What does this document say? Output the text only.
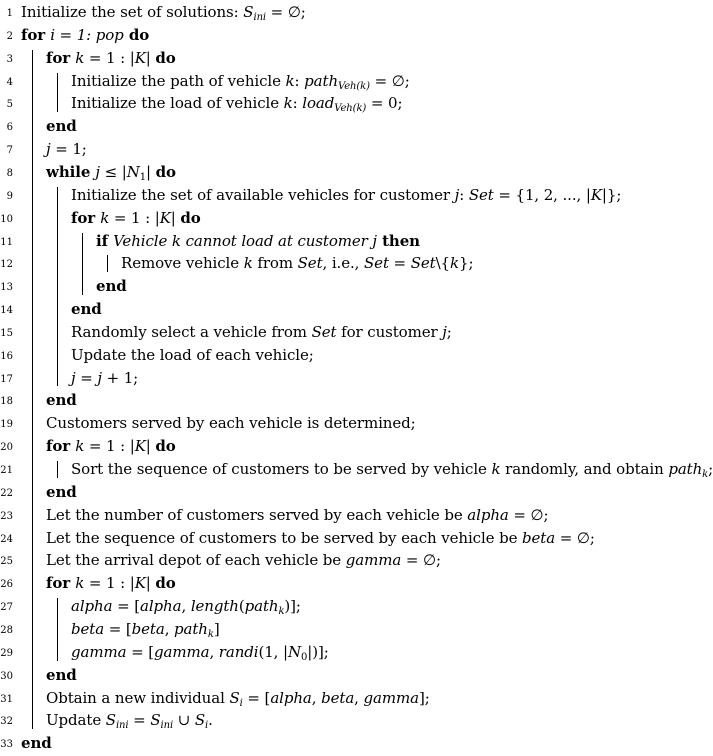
1 Initialize the set of solutions: $S_{ini}$ = ∅;
2 for i = 1: pop do
3 for k = 1 : |K| do
4	Initialize the path of vehicle k: path$_{Veh(k)}$ = ∅;
5	Initialize the load of vehicle k: load$_{Veh(k)}$ = 0;
6 end
7 j = 1;
8 while $j \le |N_1|$ do
9	Initialize the set of available vehicles for customer j: Set = {1, 2, ..., |K|};
10	for k = 1 : |K| do
11	if Vehicle k cannot load at customer j then
12	Remove vehicle k from Set, i.e., Set = Set\{k};
13	end
14	end
15	Randomly select a vehicle from Set for customer j;
16	Update the load of each vehicle;
17	j = j + 1;
18 end
19 Customers served by each vehicle is determined;
20 for k = 1 : |K| do
21	Sort the sequence of customers to be served by vehicle k randomly, and obtain path$_k$;
22 end
23 Let the number of customers served by each vehicle be alpha = ∅;
24 Let the sequence of customers to be served by each vehicle be beta = ∅;
25 Let the arrival depot of each vehicle be gamma = ∅;
26 for k = 1 : |K| do
27	alpha = [alpha, length(path$_k$)];
28	beta = [beta, path$_k$]
29	gamma = [gamma, randi(1, $|N_0|$)];
30 end
31 Obtain a new individual $S_i$ = [alpha, beta, gamma];
32 Update $S_{ini} = S_{ini}$ ∪ $S_i$.
33 end
